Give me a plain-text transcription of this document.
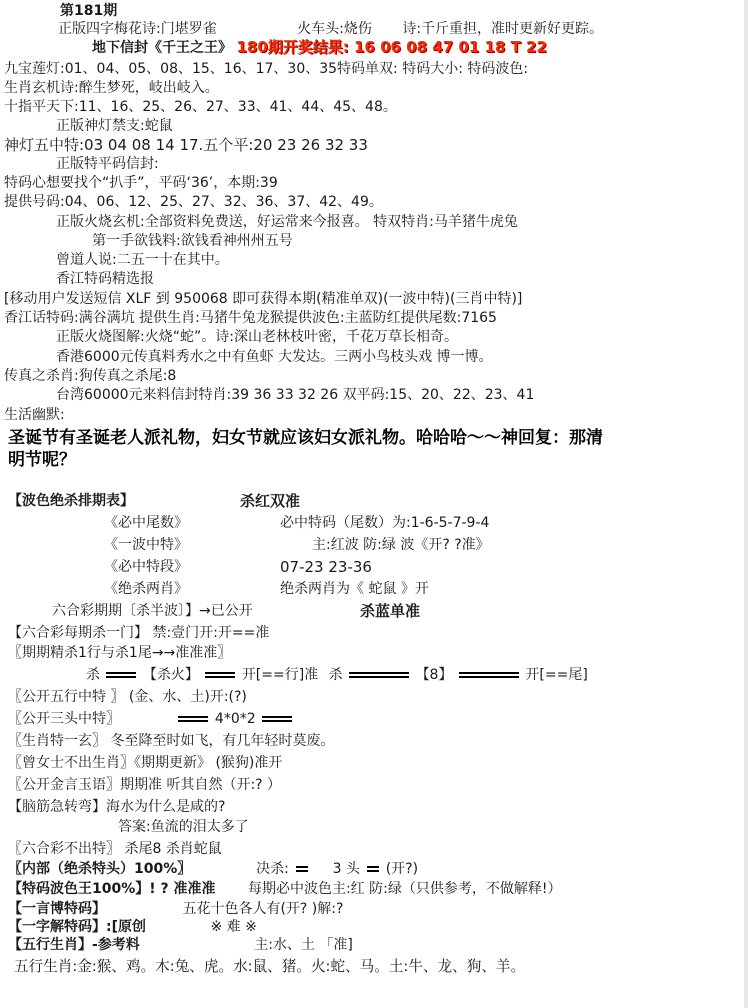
第181期
正版四字梅花诗:门堪罗雀	火车头:烧伤 诗:千斤重担，准时更新好更踪。
地下信封《千王之王》 180期开奖结果: 16 06 08 47 01 18 T 22
九宝莲灯:01、04、05、08、15、16、17、30、35特码单双: 特码大小: 特码波色:
生肖玄机诗:醉生梦死，岐出岐入。
十指平天下:11、16、25、26、27、33、41、44、45、48。
正版神灯禁支:蛇鼠
神灯五中特:03 04 08 14 17.五个平:20 23 26 32 33
正版特平码信封:
特码心想要找个“扒手”，平码‘36’，本期:39
提供号码:04、06、12、25、27、32、36、37、42、49。
正版火烧玄机:全部资料免费送，好运常来今报喜。 特双特肖:马羊猪牛虎兔
第一手欲钱料:欲钱看神州州五号
曾道人说:二五一十在其中。
香江特码精选报
[移动用户发送短信 XLF 到 950068 即可获得本期(精准单双)(一波中特)(三肖中特)]
香江话特码:满谷满坑 提供生肖:马猪牛兔龙猴提供波色:主蓝防红提供尾数:7165
正版火烧图解:火烧“蛇”。诗:深山老林枝叶密，千花万草长相奇。
香港6000元传真料秀水之中有鱼虾 大发达。三两小鸟枝头戏 博一博。
传真之杀肖:狗传真之杀尾:8
台湾60000元来料信封特肖:39 36 33 32 26 双平码:15、20、22、23、41
生活幽默:
圣诞节有圣诞老人派礼物，妇女节就应该妇女派礼物。哈哈哈～～神回复：那清明节呢？
【波色绝杀排期表】	杀红双准
《必中尾数》	必中特码（尾数）为:1-6-5-7-9-4
《一波中特》	主:红波 防:绿 波《开? ?准》
《必中特段》	07-23 23-36
《绝杀两肖》	绝杀两肖为《 蛇鼠 》开
六合彩期期〔杀半波〕】→已公开	杀蓝单准
【六合彩每期杀一门】 禁:壹门开:开==准
〖期期精杀1行与杀1尾→→准准准〗
杀	【杀火】	开[==行]准 杀	【8】	开[==尾]
〖公开五行中特 〗 (金、水、土)开:(?)
〖公开三头中特〗	4*0*2
〖生肖特一玄〗 冬至降至时如飞，有几年轻时莫废。
〖曾女士不出生肖〗《期期更新》 (猴狗)准开
〖公开金言玉语〗期期准 听其自然（开:? ）
【脑筋急转弯】海水为什么是咸的?
答案:鱼流的泪太多了
〖六合彩不出特〗 杀尾8 杀肖蛇鼠
〖内部（绝杀特头）100%〗	决杀:	3 头 (开?)
【特码波色王100%】! ? 准准准 每期必中波色主:红 防:绿（只供参考，不做解释!）
【一言博特码】	五花十色各人有(开? )解:?
【一字解特码】:[原创	※ 难 ※
【五行生肖】-参考料	主:水、土 「准]
五行生肖:金:猴、鸡。木:兔、虎。水:鼠、猪。火:蛇、马。土:牛、龙、狗、羊。
